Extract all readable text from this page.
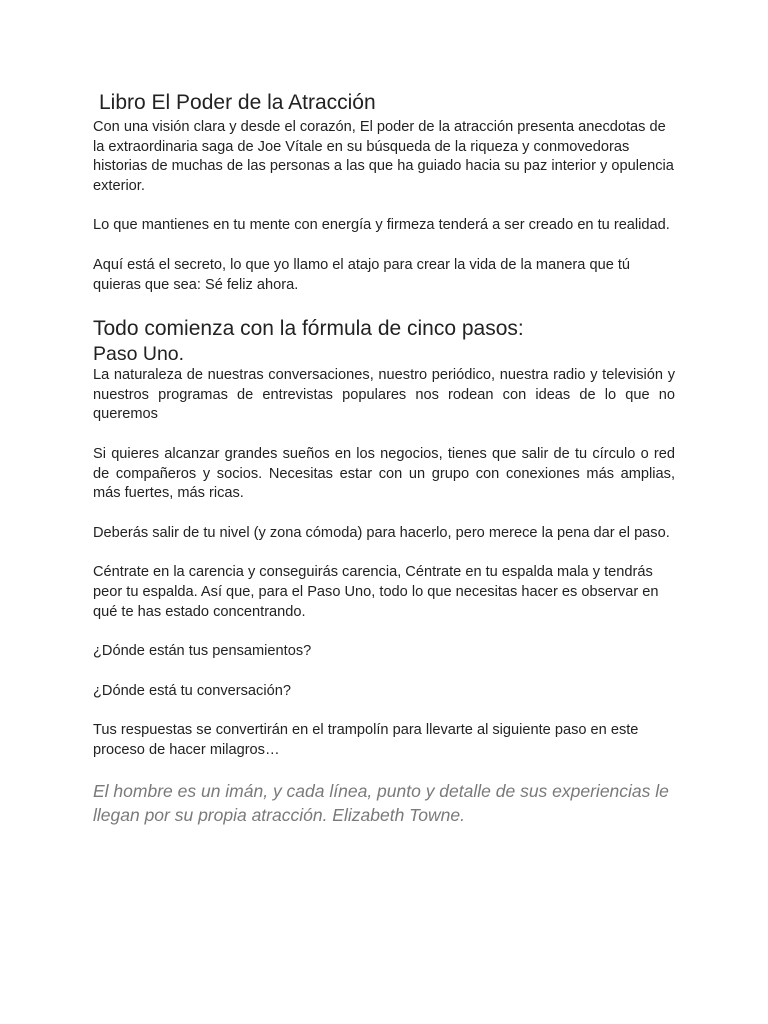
Libro El Poder de la Atracción

Con una visión clara y desde el corazón, El poder de la atracción presenta anecdotas de la extraordinaria saga de Joe Vítale en su búsqueda de la riqueza y conmovedoras historias de muchas de las personas a las que ha guiado hacia su paz interior y opulencia exterior.

Lo que mantienes en tu mente con energía y firmeza tenderá a ser creado en tu realidad.

Aquí está el secreto, lo que yo llamo el atajo para crear la vida de la manera que tú quieras que sea: Sé feliz ahora.

Todo comienza con la fórmula de cinco pasos:
Paso Uno.

La naturaleza de nuestras conversaciones, nuestro periódico, nuestra radio y televisión y nuestros programas de entrevistas populares nos rodean con ideas de lo que no queremos

Si quieres alcanzar grandes sueños en los negocios, tienes que salir de tu círculo o red de compañeros y socios. Necesitas estar con un grupo con conexiones más amplias, más fuertes, más ricas.

Deberás salir de tu nivel (y zona cómoda) para hacerlo, pero merece la pena dar el paso.

Céntrate en la carencia y conseguirás carencia, Céntrate en tu espalda mala y tendrás peor tu espalda. Así que, para el Paso Uno, todo lo que necesitas hacer es observar en qué te has estado concentrando.

¿Dónde están tus pensamientos?

¿Dónde está tu conversación?

Tus respuestas se convertirán en el trampolín para llevarte al siguiente paso en este proceso de hacer milagros…

El hombre es un imán, y cada línea, punto y detalle de sus experiencias le llegan por su propia atracción. Elizabeth Towne.
